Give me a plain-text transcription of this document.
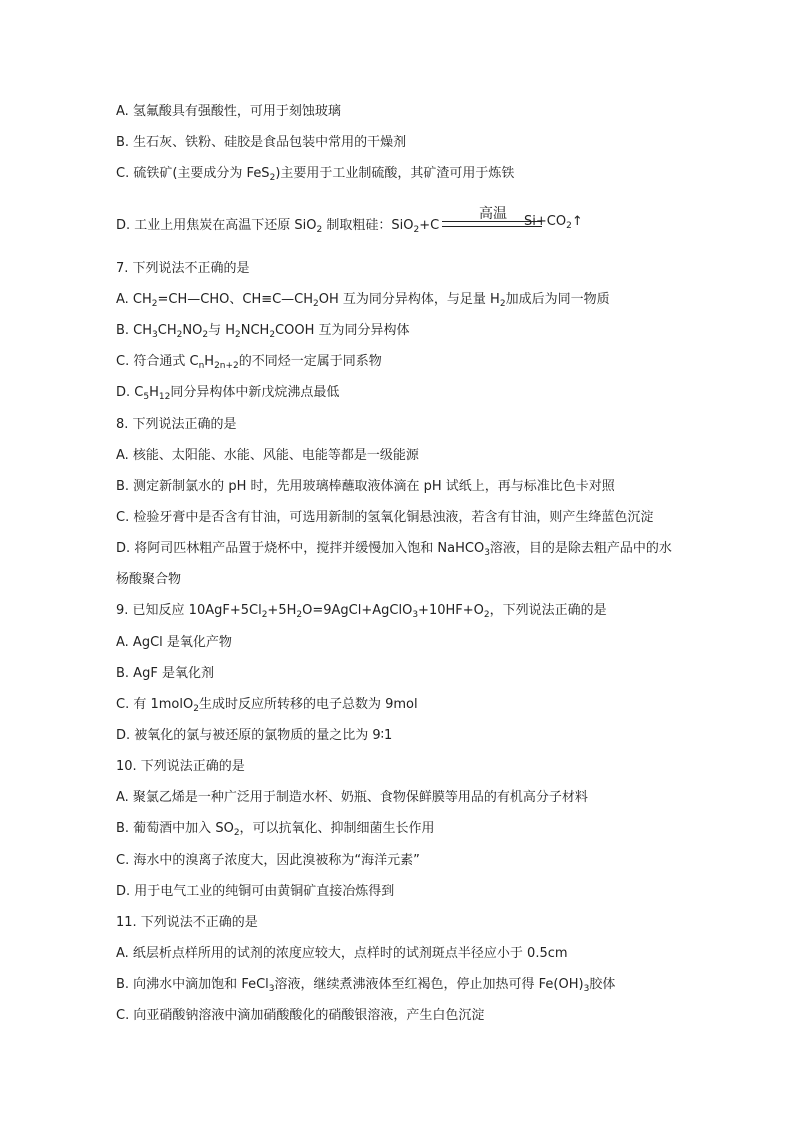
A. 氢氟酸具有强酸性，可用于刻蚀玻璃
B. 生石灰、铁粉、硅胶是食品包装中常用的干燥剂
C. 硫铁矿(主要成分为 FeS$_2$)主要用于工业制硫酸，其矿渣可用于炼铁
D. 工业上用焦炭在高温下还原 SiO$_2$ 制取粗硅：SiO$_2$+C
高温	$Si+CO_2↑$
7. 下列说法不正确的是
A. $CH_2=CH—CHO$、$CH\equiv C—CH_2OH$ 互为同分异构体，与足量 $H_2$加成后为同一物质
B. $CH_3CH_2NO_2$与 $H_2NCH_2COOH$ 互为同分异构体
C. 符合通式 $C_nH_{2n+2}$的不同烃一定属于同系物
D. $C_5H_{12}$同分异构体中新戊烷沸点最低
8. 下列说法正确的是
A. 核能、太阳能、水能、风能、电能等都是一级能源
B. 测定新制氯水的 pH 时，先用玻璃棒蘸取液体滴在 pH 试纸上，再与标准比色卡对照
C. 检验牙膏中是否含有甘油，可选用新制的氢氧化铜悬浊液，若含有甘油，则产生绛蓝色沉淀
D. 将阿司匹林粗产品置于烧杯中，搅拌并缓慢加入饱和 NaHCO$_3$溶液，目的是除去粗产品中的水
杨酸聚合物
9. 已知反应 $10AgF+5Cl_2+5H_2O=9AgCl+AgClO_3+10HF+O_2$，下列说法正确的是
A. AgCl 是氧化产物
B. AgF 是氧化剂
C. 有 1molO$_2$生成时反应所转移的电子总数为 9mol
D. 被氧化的氯与被还原的氯物质的量之比为 9∶1
10. 下列说法正确的是
A. 聚氯乙烯是一种广泛用于制造水杯、奶瓶、食物保鲜膜等用品的有机高分子材料
B. 葡萄酒中加入 $SO_2$，可以抗氧化、抑制细菌生长作用
C. 海水中的溴离子浓度大，因此溴被称为“海洋元素”
D. 用于电气工业的纯铜可由黄铜矿直接冶炼得到
11. 下列说法不正确的是
A. 纸层析点样所用的试剂的浓度应较大，点样时的试剂斑点半径应小于 0.5cm
B. 向沸水中滴加饱和 FeCl$_3$溶液，继续煮沸液体至红褐色，停止加热可得 $Fe(OH)_3$胶体
C. 向亚硝酸钠溶液中滴加硝酸酸化的硝酸银溶液，产生白色沉淀
